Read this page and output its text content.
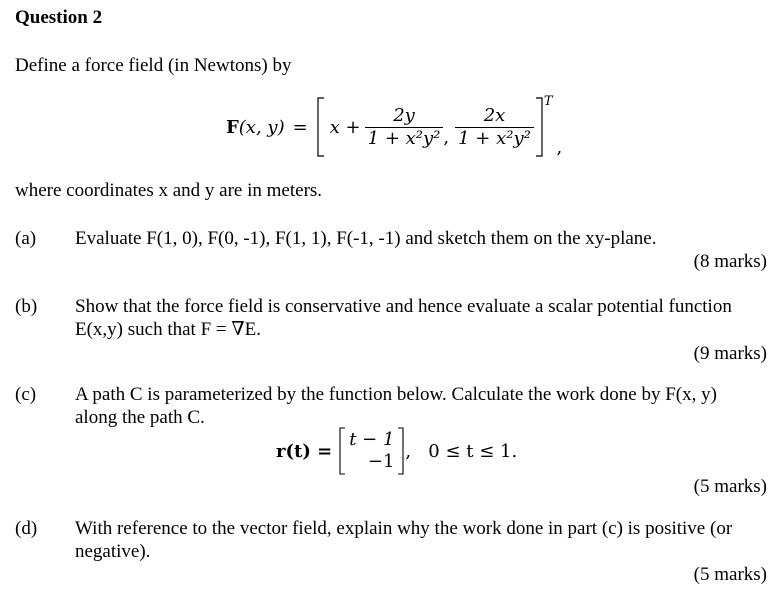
Question 2
Define a force field (in Newtons) by
F (x, $y) = x + \frac{2y}{\text{1 + x²y²}}$ , $\frac{2x}{\text{1 + x²y²}}$
T
,
where coordinates x and y are in meters.
(a) Evaluate F(1, 0), F(0, -1), F(1, 1), F(-1, -1) and sketch them on the xy-plane.
(8 marks)
(b) Show that the force field is conservative and hence evaluate a scalar potential function
E(x,y) such that F = ∇E.
(9 marks)
(c) A path C is parameterized by the function below. Calculate the work done by F(x, y)
along the path C.
r(t) =
t − 1
−1 ,   0 ≤ t ≤ 1.
(5 marks)
(d) With reference to the vector field, explain why the work done in part (c) is positive (or
negative).
(5 marks)
